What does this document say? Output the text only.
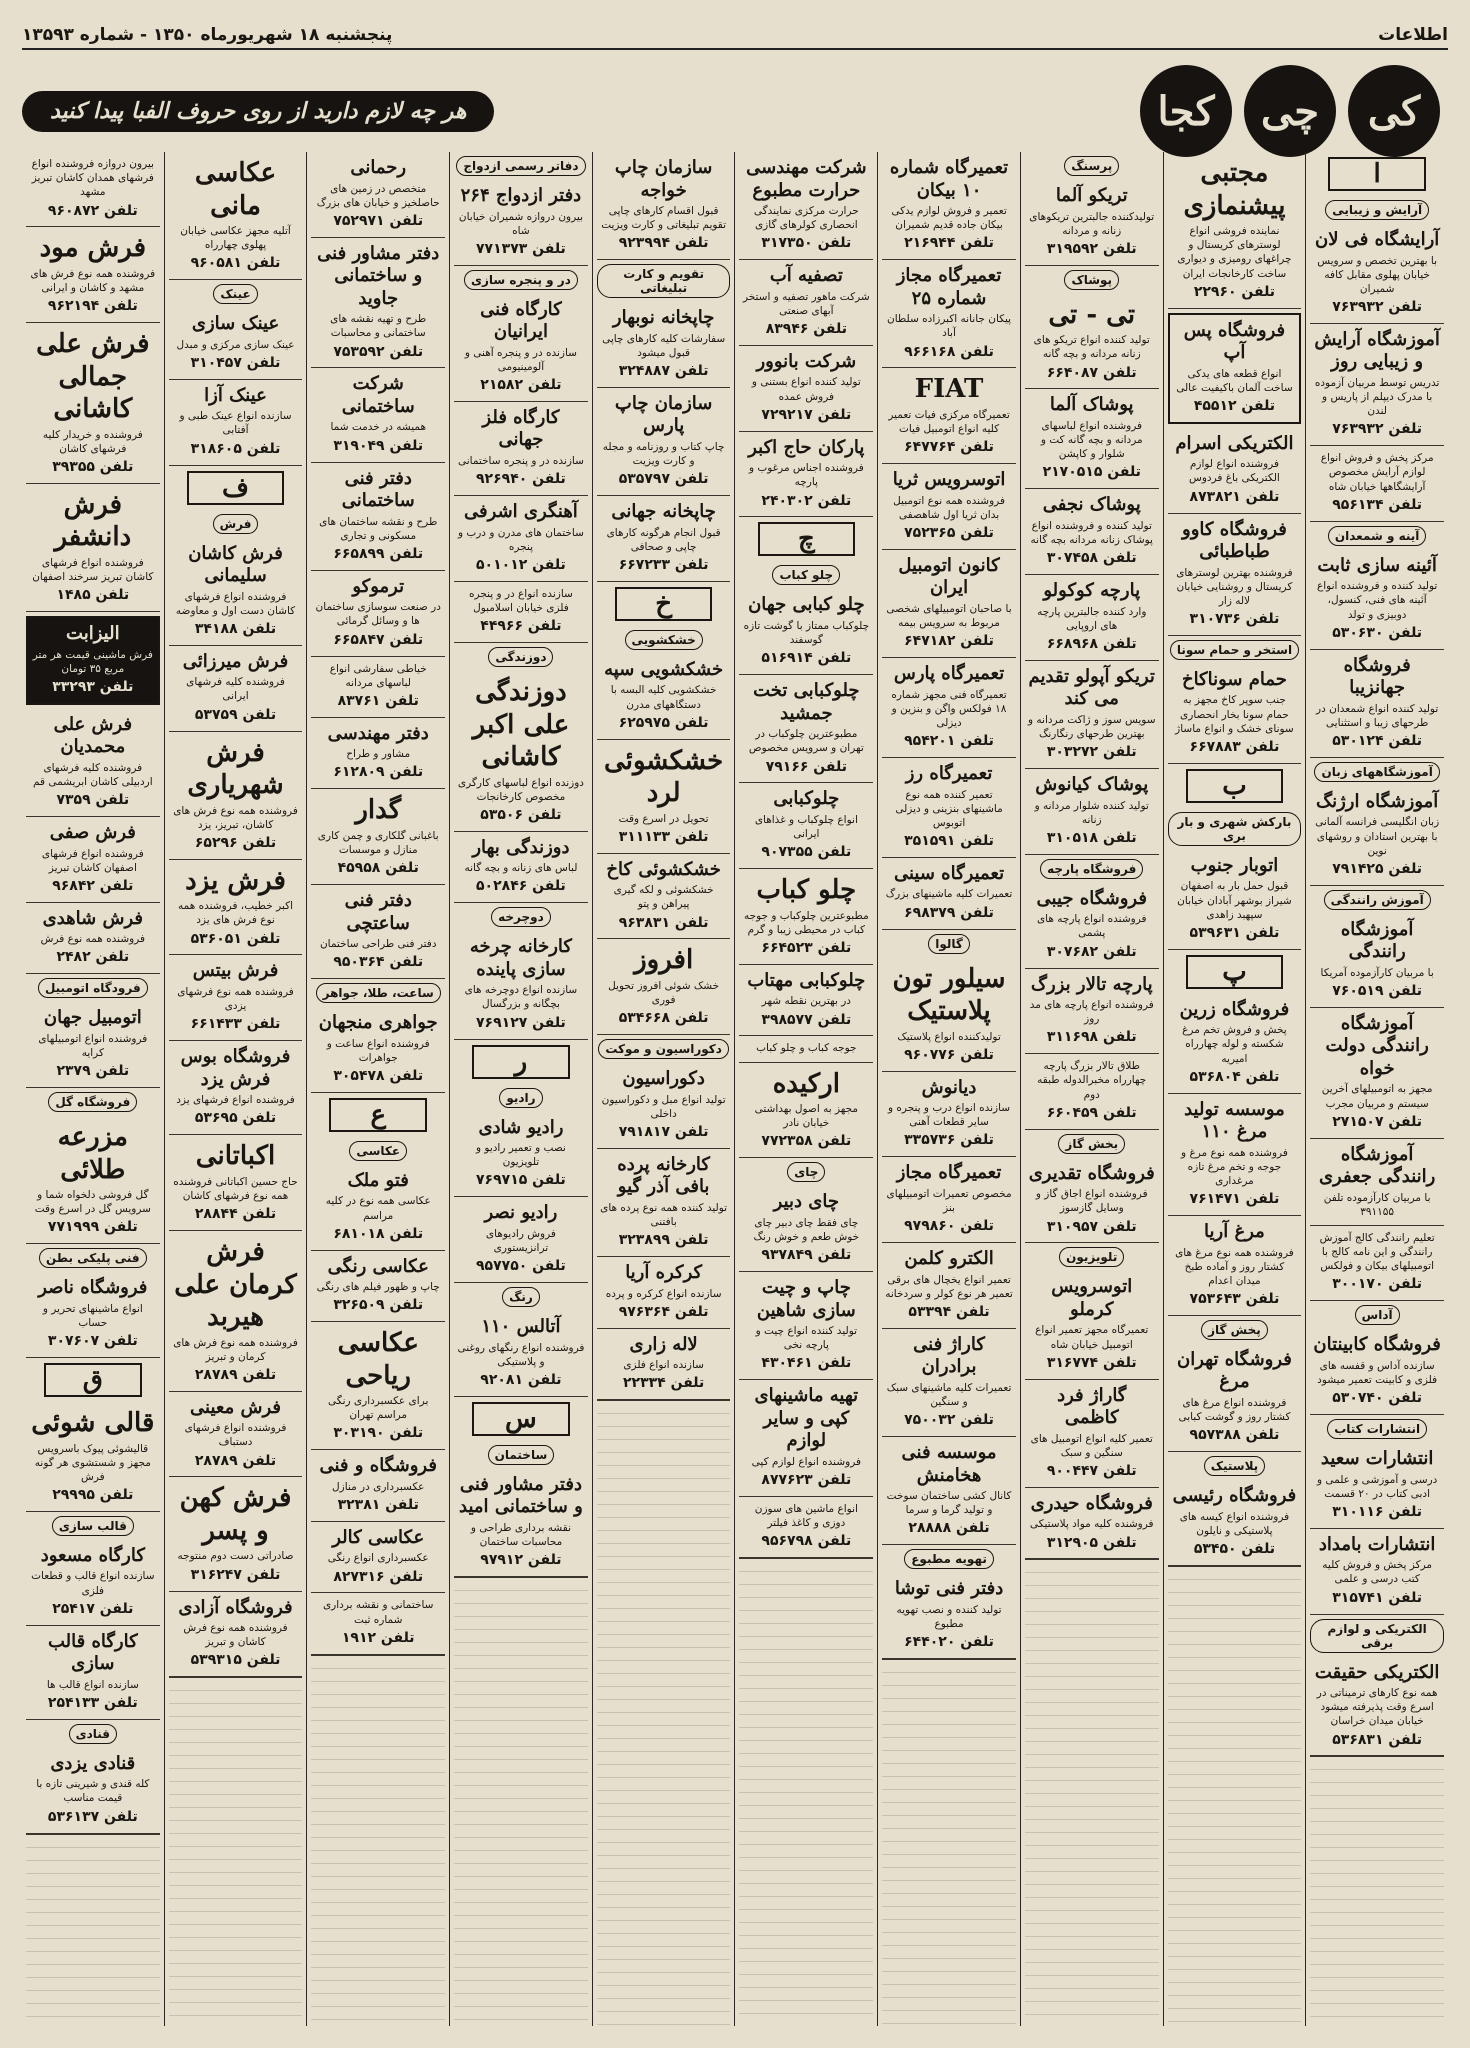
اطلاعات
پنجشنبه ۱۸ شهریورماه ۱۳۵۰ - شماره ۱۳۵۹۳
کی
چی
کجا
هر چه لازم دارید از روی حروف الفبا پیدا کنید
ا
آرایش و زیبایی
آرایشگاه فی لان
با بهترین تخصص و سرویس خیابان پهلوی مقابل کافه شمیران
تلفن ۷۶۳۹۳۲
آموزشگاه آرایش و زیبایی روز
تدریس توسط مربیان آزموده با مدرک دیپلم از پاریس و لندن
تلفن ۷۶۳۹۳۲
مرکز پخش و فروش انواع لوازم آرایش مخصوص آرایشگاهها خیابان شاه
تلفن ۹۵۶۱۳۴
آینه و شمعدان
آئینه سازی ثابت
تولید کننده و فروشنده انواع آئینه های فنی، کنسول، دوبیزی و تولد
تلفن ۵۳۰۶۳۰
فروشگاه جهانزیبا
تولید کننده انواع شمعدان در طرحهای زیبا و استثنایی
تلفن ۵۳۰۱۲۴
آموزشگاههای زبان
آموزشگاه ارژنگ
زبان انگلیسی فرانسه آلمانی با بهترین استادان و روشهای نوین
تلفن ۷۹۱۴۲۵
آموزش رانندگی
آموزشگاه رانندگی
با مربیان کارآزموده آمریکا
تلفن ۷۶۰۵۱۹
آموزشگاه رانندگی دولت خواه
مجهز به اتومبیلهای آخرین سیستم و مربیان مجرب
تلفن ۲۷۱۵۰۷
آموزشگاه رانندگی جعفری
با مربیان کارآزموده تلفن ۳۹۱۱۵۵
تعلیم رانندگی کالج آموزش رانندگی و این نامه کالج با اتومبیلهای بیکان و فولکس
تلفن ۳۰۰۱۷۰
آداس
فروشگاه کابینتان
سازنده آداس و قفسه های فلزی و کابینت تعمیر میشود
تلفن ۵۳۰۷۴۰
انتشارات کتاب
انتشارات سعید
درسی و آموزشی و علمی و ادبی کتاب در ۲۰ قسمت
تلفن ۳۱۰۱۱۶
انتشارات بامداد
مرکز پخش و فروش کلیه کتب درسی و علمی
تلفن ۳۱۵۷۴۱
الکتریکی و لوازم برقی
الکتریکی حقیقت
همه نوع کارهای ترمیناتی در اسرع وقت پذیرفته میشود خیابان میدان خراسان
تلفن ۵۳۶۸۳۱
مجتبی پیشنمازی
نماینده فروشی انواع لوسترهای کریستال و چراغهای رومیزی و دیواری ساخت کارخانجات ایران
تلفن ۲۲۹۶۰
فروشگاه پس آپ
انواع قطعه های یدکی ساخت آلمان باکیفیت عالی
تلفن ۴۵۵۱۲
الکتریکی اسرام
فروشنده انواع لوازم الکتریکی باغ فردوس
تلفن ۸۷۳۸۲۱
فروشگاه کاوو طباطبائی
فروشنده بهترین لوسترهای کریستال و روشنایی خیابان لاله زار
تلفن ۳۱۰۷۳۶
استخر و حمام سونا
حمام سوناکاخ
جنب سوپر کاخ مجهز به حمام سونا بخار انحصاری سونای خشک و انواع ماساژ
تلفن ۶۶۷۸۸۳
ب
بارکش شهری و بار بری
اتوبار جنوب
قبول حمل بار به اصفهان شیراز بوشهر آبادان خیابان سپهبد زاهدی
تلفن ۵۳۹۶۳۱
پ
فروشگاه زرین
پخش و فروش تخم مرغ شکسته و لوله چهارراه امیریه
تلفن ۵۳۶۸۰۴
موسسه تولید مرغ ۱۱۰
فروشنده همه نوع مرغ و جوجه و تخم مرغ تازه مرغداری
تلفن ۷۶۱۴۷۱
مرغ آریا
فروشنده همه نوع مرغ های کشتار روز و آماده طبخ میدان اعدام
تلفن ۷۵۳۶۴۳
پخش گاز
فروشگاه تهران مرغ
فروشنده انواع مرغ های کشتار روز و گوشت کبابی
تلفن ۹۵۷۳۸۸
پلاستیک
فروشگاه رئیسی
فروشنده انواع کیسه های پلاستیکی و نایلون
تلفن ۵۳۴۵۰
پرسنگ
تریکو آلما
تولیدکننده جالبترین تریکوهای زنانه و مردانه
تلفن ۳۱۹۵۹۲
پوشاک
تی - تی
تولید کننده انواع تریکو های زنانه مردانه و بچه گانه
تلفن ۶۶۴۰۸۷
پوشاک آلما
فروشنده انواع لباسهای مردانه و بچه گانه کت و شلوار و کاپشن
تلفن ۲۱۷۰۵۱۵
پوشاک نجفی
تولید کننده و فروشنده انواع پوشاک زنانه مردانه بچه گانه
تلفن ۳۰۷۴۵۸
پارچه کوکولو
وارد کننده جالبترین پارچه های اروپایی
تلفن ۶۶۸۹۶۸
تریکو آپولو تقدیم می کند
سویس سوز و ژاکت مردانه و بهترین طرحهای رنگارنگ
تلفن ۳۰۳۲۷۲
پوشاک کیانوش
تولید کننده شلوار مردانه و زنانه
تلفن ۳۱۰۵۱۸
فروشگاه پارچه
فروشگاه جیبی
فروشنده انواع پارچه های پشمی
تلفن ۳۰۷۶۸۲
پارچه تالار بزرگ
فروشنده انواع پارچه های مد روز
تلفن ۳۱۱۶۹۸
طلاق تالار بزرگ پارچه چهارراه مخبرالدوله طبقه دوم
تلفن ۶۶۰۴۵۹
بخش گاز
فروشگاه تقدیری
فروشنده انواع اجاق گاز و وسایل گازسوز
تلفن ۳۱۰۹۵۷
تلویزیون
اتوسرویس کرملو
تعمیرگاه مجهز تعمیر انواع اتومبیل خیابان شاه
تلفن ۳۱۶۷۷۴
گاراژ فرد کاظمی
تعمیر کلیه انواع اتومبیل های سنگین و سبک
تلفن ۹۰۰۴۴۷
فروشگاه حیدری
فروشنده کلیه مواد پلاستیکی
تلفن ۳۱۲۹۰۵
تعمیرگاه شماره ۱۰ بیکان
تعمیر و فروش لوازم یدکی بیکان جاده قدیم شمیران
تلفن ۲۱۶۹۴۴
تعمیرگاه مجاز شماره ۲۵
پیکان جانانه اکبرزاده سلطان آباد
تلفن ۹۶۶۱۶۸
FIAT
تعمیرگاه مرکزی فیات تعمیر کلیه انواع اتومبیل فیات
تلفن ۶۴۷۷۶۴
اتوسرویس ثریا
فروشنده همه نوع اتومبیل بدان ثریا اول شاهصفی
تلفن ۷۵۲۳۶۵
کانون اتومبیل ایران
با صاحبان اتومبیلهای شخصی مربوط به سرویس بیمه
تلفن ۶۴۷۱۸۲
تعمیرگاه پارس
تعمیرگاه فنی مجهز شماره ۱۸ فولکس واگن و بنزین و دیزلی
تلفن ۹۵۴۲۰۱
تعمیرگاه رز
تعمیر کننده همه نوع ماشینهای بنزینی و دیزلی اتوبوس
تلفن ۳۵۱۵۹۱
تعمیرگاه سینی
تعمیرات کلیه ماشینهای بزرگ
تلفن ۶۹۸۳۷۹
گالوا
سیلور تون پلاستیک
تولیدکننده انواع پلاستیک
تلفن ۹۶۰۷۷۶
دیانوش
سازنده انواع درب و پنجره و سایر قطعات آهنی
تلفن ۳۳۵۷۳۶
تعمیرگاه مجاز
مخصوص تعمیرات اتومبیلهای بنز
تلفن ۹۷۹۸۶۰
الکترو کلمن
تعمیر انواع یخچال های برقی تعمیر هر نوع کولر و سردخانه
تلفن ۵۳۳۹۴
کاراژ فنی برادران
تعمیرات کلیه ماشینهای سبک و سنگین
تلفن ۷۵۰۰۳۲
موسسه فنی هخامنش
کانال کشی ساختمان سوخت و تولید گرما و سرما
تلفن ۲۸۸۸۸
تهویه مطبوع
دفتر فنی توشا
تولید کننده و نصب تهویه مطبوع
تلفن ۶۴۴۰۲۰
شرکت مهندسی حرارت مطبوع
حرارت مرکزی نمایندگی انحصاری کولرهای گازی
تلفن ۳۱۷۳۵۰
تصفیه آب
شرکت ماهور تصفیه و استخر آبهای صنعتی
تلفن ۸۳۹۴۶
شرکت بانوور
تولید کننده انواع بستنی و فروش عمده
تلفن ۷۲۹۲۱۷
پارکان حاج اکبر
فروشنده اجناس مرغوب و پارچه
تلفن ۲۴۰۳۰۲
چ
چلو کباب
چلو کبابی جهان
چلوکباب ممتاز با گوشت تازه گوسفند
تلفن ۵۱۶۹۱۴
چلوکبابی تخت جمشید
مطبوعترین چلوکباب در تهران و سرویس مخصوص
تلفن ۷۹۱۶۶
چلوکبابی
انواع چلوکباب و غذاهای ایرانی
تلفن ۹۰۷۳۵۵
چلو کباب
مطبوعترین چلوکباب و جوجه کباب در محیطی زیبا و گرم
تلفن ۶۶۴۵۲۳
چلوکبابی مهتاب
در بهترین نقطه شهر
تلفن ۳۹۸۵۷۷
جوجه کباب و چلو کباب
ارکیده
مجهز به اصول بهداشتی خیابان نادر
تلفن ۷۷۲۳۵۸
چای
چای دبیر
چای فقط چای دبیر چای خوش طعم و خوش رنگ
تلفن ۹۳۷۸۴۹
چاپ و چیت سازی شاهین
تولید کننده انواع چیت و پارچه نخی
تلفن ۴۳۰۴۶۱
تهیه ماشینهای کپی و سایر لوازم
فروشنده انواع لوازم کپی
تلفن ۸۷۷۶۲۳
انواع ماشین های سوزن دوزی و کاغذ فیلتر
تلفن ۹۵۶۷۹۸
سازمان چاپ خواجه
قبول اقسام کارهای چاپی تقویم تبلیغاتی و کارت ویزیت
تلفن ۹۲۳۹۹۴
تقویم و کارت تبلیغاتی
چاپخانه نوبهار
سفارشات کلیه کارهای چاپی قبول میشود
تلفن ۳۲۴۸۸۷
سازمان چاپ پارس
چاپ کتاب و روزنامه و مجله و کارت ویزیت
تلفن ۵۳۵۷۹۷
چاپخانه جهانی
قبول انجام هرگونه کارهای چاپی و صحافی
تلفن ۶۶۷۲۳۳
خ
خشکشویی
خشکشویی سپه
خشکشویی کلیه البسه با دستگاههای مدرن
تلفن ۶۲۵۹۷۵
خشکشوئی لرد
تحویل در اسرع وقت
تلفن ۳۱۱۱۳۳
خشکشوئی کاخ
خشکشوئی و لکه گیری پیراهن و پتو
تلفن ۹۶۳۸۳۱
افروز
خشک شوئی افروز تحویل فوری
تلفن ۵۳۴۶۶۸
دکوراسیون و موکت
دکوراسیون
تولید انواع مبل و دکوراسیون داخلی
تلفن ۷۹۱۸۱۷
کارخانه پرده بافی آذر گیو
تولید کننده همه نوع پرده های بافتنی
تلفن ۳۲۳۸۹۹
کرکره آریا
سازنده انواع کرکره و پرده
تلفن ۹۷۶۳۶۴
لاله زاری
سازنده انواع فلزی
تلفن ۲۲۳۳۴
دفاتر رسمی ازدواج
دفتر ازدواج ۲۶۴
بیرون دروازه شمیران خیابان شاه
تلفن ۷۷۱۳۷۳
در و پنجره سازی
کارگاه فنی ایرانیان
سازنده در و پنجره آهنی و آلومینیومی
تلفن ۲۱۵۸۲
کارگاه فلز جهانی
سازنده در و پنجره ساختمانی
تلفن ۹۲۶۹۴۰
آهنگری اشرفی
ساختمان های مدرن و درب و پنجره
تلفن ۵۰۱۰۱۲
سازنده انواع در و پنجره فلزی خیابان اسلامبول
تلفن ۴۴۹۶۶
دوزندگی
دوزندگی علی اکبر کاشانی
دوزنده انواع لباسهای کارگری مخصوص کارخانجات
تلفن ۵۳۵۰۶
دوزندگی بهار
لباس های زنانه و بچه گانه
تلفن ۵۰۲۸۴۶
دوچرخه
کارخانه چرخه سازی پاینده
سازنده انواع دوچرخه های بچگانه و بزرگسال
تلفن ۷۶۹۱۲۷
ر
رادیو
رادیو شادی
نصب و تعمیر رادیو و تلویزیون
تلفن ۷۶۹۷۱۵
رادیو نصر
فروش رادیوهای ترانزیستوری
تلفن ۹۵۷۷۵۰
رنگ
آتالس ۱۱۰
فروشنده انواع رنگهای روغنی و پلاستیکی
تلفن ۹۲۰۸۱
س
ساختمان
دفتر مشاور فنی و ساختمانی امید
نقشه برداری طراحی و محاسبات ساختمان
تلفن ۹۷۹۱۲
رحمانی
متخصص در زمین های حاصلخیز و خیابان های بزرگ
تلفن ۷۵۲۹۷۱
دفتر مشاور فنی و ساختمانی جاوید
طرح و تهیه نقشه های ساختمانی و محاسبات
تلفن ۷۵۳۵۹۲
شرکت ساختمانی
همیشه در خدمت شما
تلفن ۳۱۹۰۴۹
دفتر فنی ساختمانی
طرح و نقشه ساختمان های مسکونی و تجاری
تلفن ۶۶۵۸۹۹
ترموکو
در صنعت سوسازی ساختمان ها و وسائل گرمائی
تلفن ۶۶۵۸۴۷
خیاطی سفارشی انواع لباسهای مردانه
تلفن ۸۳۷۶۱
دفتر مهندسی
مشاور و طراح
تلفن ۶۱۲۸۰۹
گدار
باغبانی گلکاری و چمن کاری منازل و موسسات
تلفن ۴۵۹۵۸
دفتر فنی ساعتچی
دفتر فنی طراحی ساختمان
تلفن ۹۵۰۳۶۴
ساعت، طلا، جواهر
جواهری منجهان
فروشنده انواع ساعت و جواهرات
تلفن ۳۰۵۴۷۸
ع
عکاسی
فتو ملک
عکاسی همه نوع در کلیه مراسم
تلفن ۶۸۱۰۱۸
عکاسی رنگی
چاپ و ظهور فیلم های رنگی
تلفن ۳۲۶۵۰۹
عکاسی ریاحی
برای عکسبرداری رنگی مراسم تهران
تلفن ۳۰۳۱۹۰
فروشگاه و فنی
عکسبرداری در منازل
تلفن ۳۲۳۸۱
عکاسی کالر
عکسبرداری انواع رنگی
تلفن ۸۲۷۳۱۶
ساختمانی و نقشه برداری شماره ثبت
تلفن ۱۹۱۲
عکاسی مانی
آتلیه مجهز عکاسی خیابان پهلوی چهارراه
تلفن ۹۶۰۵۸۱
عینک
عینک سازی
عینک سازی مرکزی و مبدل
تلفن ۳۱۰۴۵۷
عینک آزا
سازنده انواع عینک طبی و آفتابی
تلفن ۳۱۸۶۰۵
ف
فرش
فرش کاشان سلیمانی
فروشنده انواع فرشهای کاشان دست اول و معاوضه
تلفن ۳۴۱۸۸
فرش میرزائی
فروشنده کلیه فرشهای ایرانی
تلفن ۵۳۷۵۹
فرش شهریاری
فروشنده همه نوع فرش های کاشان، تبریز، یزد
تلفن ۶۵۲۹۶
فرش یزد
اکبر خطیب، فروشنده همه نوع فرش های یزد
تلفن ۵۳۶۰۵۱
فرش بیتس
فروشنده همه نوع فرشهای یزدی
تلفن ۶۶۱۴۳۳
فروشگاه بوس فرش یزد
فروشنده انواع فرشهای یزد
تلفن ۵۳۶۹۵
اکباتانی
حاج حسین اکباتانی فروشنده همه نوع فرشهای کاشان
تلفن ۲۸۸۴۴
فرش کرمان علی هیربد
فروشنده همه نوع فرش های کرمان و تبریز
تلفن ۲۸۷۸۹
فرش معینی
فروشنده انواع فرشهای دستباف
تلفن ۲۸۷۸۹
فرش کهن و پسر
صادراتی دست دوم منتوجه
تلفن ۳۱۶۲۴۷
فروشگاه آزادی
فروشنده همه نوع فرش کاشان و تبریز
تلفن ۵۳۹۳۱۵
بیرون دروازه فروشنده انواع فرشهای همدان کاشان تبریز مشهد
تلفن ۹۶۰۸۷۲
فرش مود
فروشنده همه نوع فرش های مشهد و کاشان و ایرانی
تلفن ۹۶۲۱۹۴
فرش علی جمالی کاشانی
فروشنده و خریدار کلیه فرشهای کاشان
تلفن ۳۹۳۵۵
فرش دانشفر
فروشنده انواع فرشهای کاشان تبریز سرخند اصفهان
تلفن ۱۴۸۵
الیزابت
فرش ماشینی قیمت هر متر مربع ۳۵ تومان
تلفن ۳۳۲۹۳
فرش علی محمدیان
فروشنده کلیه فرشهای اردبیلی کاشان ابریشمی قم
تلفن ۷۳۵۹
فرش صفی
فروشنده انواع فرشهای اصفهان کاشان تبریز
تلفن ۹۶۸۴۲
فرش شاهدی
فروشنده همه نوع فرش
تلفن ۲۴۸۲
فرودگاه اتومبیل
اتومبیل جهان
فروشنده انواع اتومبیلهای کرایه
تلفن ۲۳۷۹
فروشگاه گل
مزرعه طلائی
گل فروشی دلخواه شما و سرویس گل در اسرع وقت
تلفن ۷۷۱۹۹۹
فنی پلیکی بطن
فروشگاه ناصر
انواع ماشینهای تحریر و حساب
تلفن ۳۰۷۶۰۷
ق
قالی شوئی
قالیشوئی پیوک باسرویس مجهز و شستشوی هر گونه فرش
تلفن ۲۹۹۹۵
قالب سازی
کارگاه مسعود
سازنده انواع قالب و قطعات فلزی
تلفن ۲۵۴۱۷
کارگاه قالب سازی
سازنده انواع قالب ها
تلفن ۲۵۴۱۳۳
قنادی
قنادی یزدی
کله قندی و شیرینی تازه با قیمت مناسب
تلفن ۵۳۶۱۳۷
